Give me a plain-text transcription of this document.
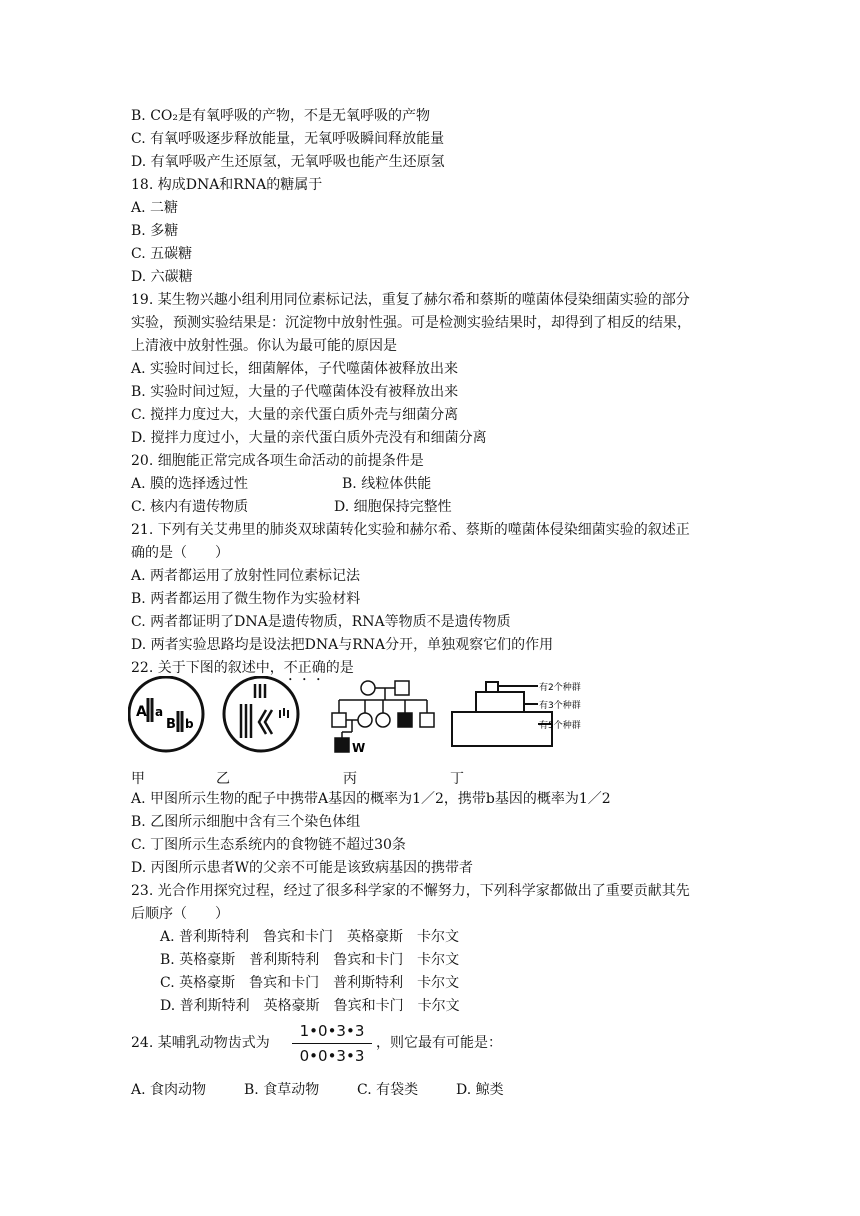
B. CO₂是有氧呼吸的产物，不是无氧呼吸的产物
C. 有氧呼吸逐步释放能量，无氧呼吸瞬间释放能量
D. 有氧呼吸产生还原氢，无氧呼吸也能产生还原氢
18. 构成DNA和RNA的糖属于
A. 二糖
B. 多糖
C. 五碳糖
D. 六碳糖
19. 某生物兴趣小组利用同位素标记法，重复了赫尔希和蔡斯的噬菌体侵染细菌实验的部分
实验，预测实验结果是：沉淀物中放射性强。可是检测实验结果时，却得到了相反的结果，
上清液中放射性强。你认为最可能的原因是
A. 实验时间过长，细菌解体，子代噬菌体被释放出来
B. 实验时间过短，大量的子代噬菌体没有被释放出来
C. 搅拌力度过大，大量的亲代蛋白质外壳与细菌分离
D. 搅拌力度过小，大量的亲代蛋白质外壳没有和细菌分离
20. 细胞能正常完成各项生命活动的前提条件是
A. 膜的选择透过性	B. 线粒体供能
C. 核内有遗传物质	D. 细胞保持完整性
21. 下列有关艾弗里的肺炎双球菌转化实验和赫尔希、蔡斯的噬菌体侵染细菌实验的叙述正
确的是（　　）
A. 两者都运用了放射性同位素标记法
B. 两者都运用了微生物作为实验材料
C. 两者都证明了DNA是遗传物质，RNA等物质不是遗传物质
D. 两者实验思路均是设法把DNA与RNA分开，单独观察它们的作用
22. 关于下图的叙述中，不正确的是
A a
B b
W
有2个种群
有3个种群
有5个种群
甲	乙	丙	丁
A. 甲图所示生物的配子中携带A基因的概率为1／2，携带b基因的概率为1／2
B. 乙图所示细胞中含有三个染色体组
C. 丁图所示生态系统内的食物链不超过30条
D. 丙图所示患者W的父亲不可能是该致病基因的携带者
23. 光合作用探究过程，经过了很多科学家的不懈努力，下列科学家都做出了重要贡献其先
后顺序（　　）
A. 普利斯特利　鲁宾和卡门　英格豪斯　卡尔文
B. 英格豪斯　普利斯特利　鲁宾和卡门　卡尔文
C. 英格豪斯　鲁宾和卡门　普利斯特利　卡尔文
D. 普利斯特利　英格豪斯　鲁宾和卡门　卡尔文
24. 某哺乳动物齿式为
1•0•3•3
0•0•3•3
，则它最有可能是：
A. 食肉动物	B. 食草动物	C. 有袋类	D. 鲸类
